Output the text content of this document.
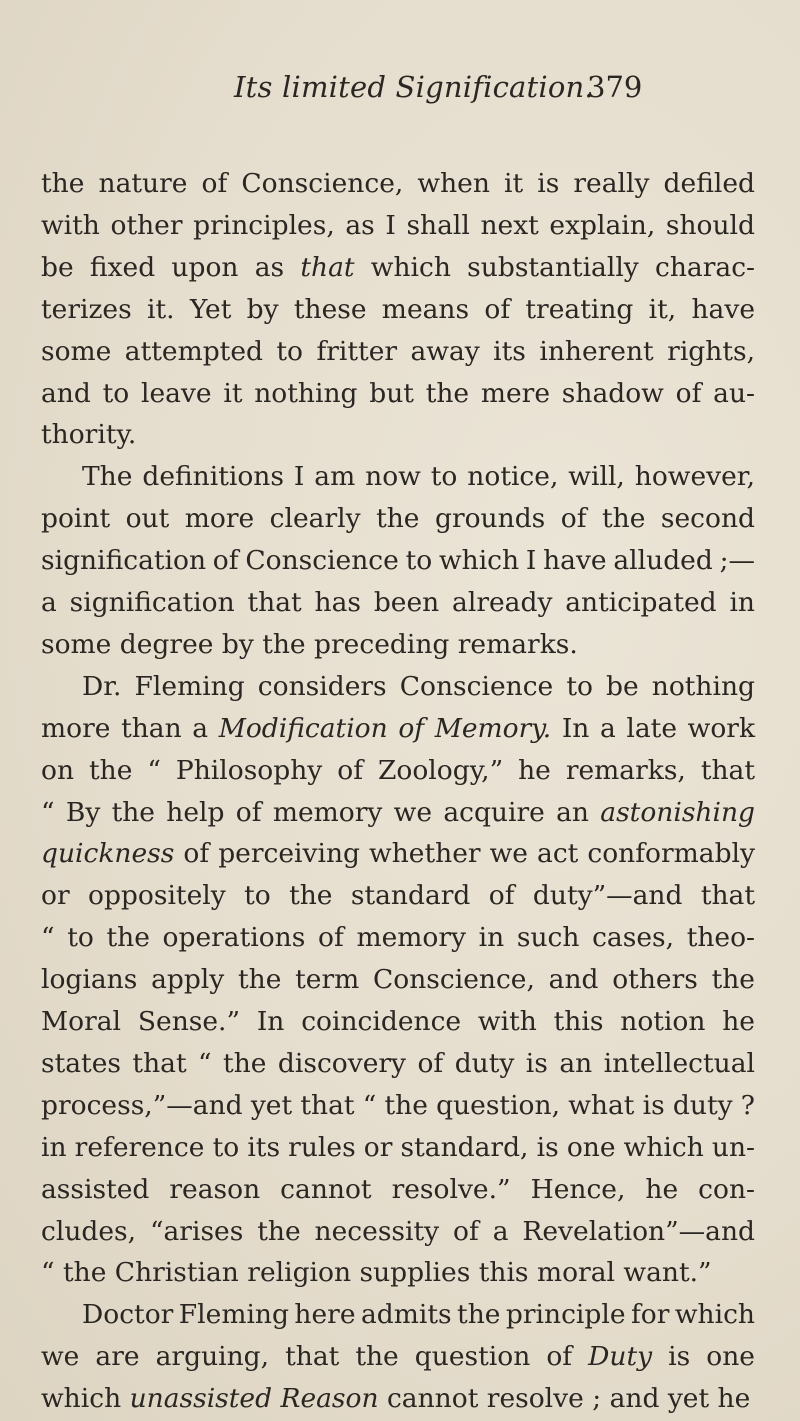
Its limited Signification.
379
the nature of Conscience, when it is really defiled
with other principles, as I shall next explain, should
be fixed upon as that which substantially charac-
terizes it. Yet by these means of treating it, have
some attempted to fritter away its inherent rights,
and to leave it nothing but the mere shadow of au-
thority.
The definitions I am now to notice, will, however,
point out more clearly the grounds of the second
signification of Conscience to which I have alluded ;—
a signification that has been already anticipated in
some degree by the preceding remarks.
Dr. Fleming considers Conscience to be nothing
more than a Modification of Memory. In a late work
on the “ Philosophy of Zoology,” he remarks, that
“ By the help of memory we acquire an astonishing
quickness of perceiving whether we act conformably
or oppositely to the standard of duty”—and that
“ to the operations of memory in such cases, theo-
logians apply the term Conscience, and others the
Moral Sense.” In coincidence with this notion he
states that “ the discovery of duty is an intellectual
process,”—and yet that “ the question, what is duty ?
in reference to its rules or standard, is one which un-
assisted reason cannot resolve.” Hence, he con-
cludes, “arises the necessity of a Revelation”—and
“ the Christian religion supplies this moral want.”
Doctor Fleming here admits the principle for which
we are arguing, that the question of Duty is one
which unassisted Reason cannot resolve ; and yet he
